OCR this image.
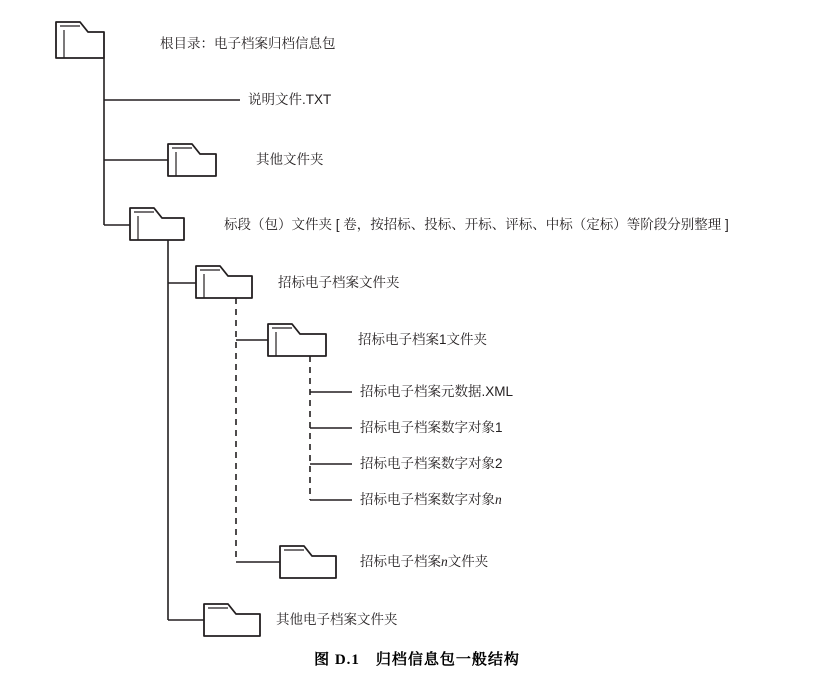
根目录：电子档案归档信息包
说明文件.TXT
其他文件夹
标段（包）文件夹 [ 卷，按招标、投标、开标、评标、中标（定标）等阶段分别整理 ]
招标电子档案文件夹
招标电子档案1文件夹
招标电子档案元数据.XML
招标电子档案数字对象1
招标电子档案数字对象2
招标电子档案数字对象n
招标电子档案n文件夹
其他电子档案文件夹
图 D.1　归档信息包一般结构
